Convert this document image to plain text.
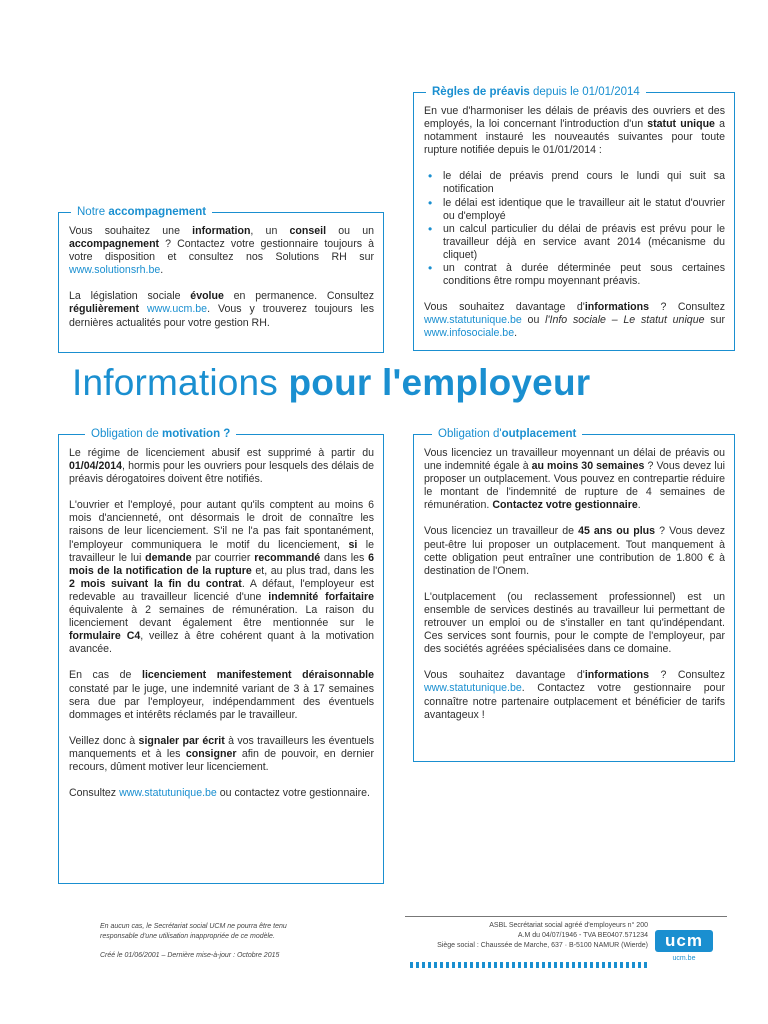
Règles de préavis depuis le 01/01/2014

En vue d'harmoniser les délais de préavis des ouvriers et des employés, la loi concernant l'introduction d'un statut unique a notamment instauré les nouveautés suivantes pour toute rupture notifiée depuis le 01/01/2014 :

• le délai de préavis prend cours le lundi qui suit sa notification
• le délai est identique que le travailleur ait le statut d'ouvrier ou d'employé
• un calcul particulier du délai de préavis est prévu pour le travailleur déjà en service avant 2014 (mécanisme du cliquet)
• un contrat à durée déterminée peut sous certaines conditions être rompu moyennant préavis.

Vous souhaitez davantage d'informations ? Consultez www.statutunique.be ou l'Info sociale – Le statut unique sur www.infosociale.be.

Notre accompagnement

Vous souhaitez une information, un conseil ou un accompagnement ? Contactez votre gestionnaire toujours à votre disposition et consultez nos Solutions RH sur www.solutionsrh.be.

La législation sociale évolue en permanence. Consultez régulièrement www.ucm.be. Vous y trouverez toujours les dernières actualités pour votre gestion RH.

Informations pour l'employeur
Obligation de motivation ?

Le régime de licenciement abusif est supprimé à partir du 01/04/2014, hormis pour les ouvriers pour lesquels des délais de préavis dérogatoires doivent être notifiés.

L'ouvrier et l'employé, pour autant qu'ils comptent au moins 6 mois d'ancienneté, ont désormais le droit de connaître les raisons de leur licenciement. S'il ne l'a pas fait spontanément, l'employeur communiquera le motif du licenciement, si le travailleur le lui demande par courrier recommandé dans les 6 mois de la notification de la rupture et, au plus trad, dans les 2 mois suivant la fin du contrat. A défaut, l'employeur est redevable au travailleur licencié d'une indemnité forfaitaire équivalente à 2 semaines de rémunération. La raison du licenciement devant également être mentionnée sur le formulaire C4, veillez à être cohérent quant à la motivation avancée.

En cas de licenciement manifestement déraisonnable constaté par le juge, une indemnité variant de 3 à 17 semaines sera due par l'employeur, indépendamment des éventuels dommages et intérêts réclamés par le travailleur.

Veillez donc à signaler par écrit à vos travailleurs les éventuels manquements et à les consigner afin de pouvoir, en dernier recours, dûment motiver leur licenciement.

Consultez www.statutunique.be ou contactez votre gestionnaire.

Obligation d'outplacement

Vous licenciez un travailleur moyennant un délai de préavis ou une indemnité égale à au moins 30 semaines ? Vous devez lui proposer un outplacement. Vous pouvez en contrepartie réduire le montant de l'indemnité de rupture de 4 semaines de rémunération. Contactez votre gestionnaire.

Vous licenciez un travailleur de 45 ans ou plus ? Vous devez peut-être lui proposer un outplacement. Tout manquement à cette obligation peut entraîner une contribution de 1.800 € à destination de l'Onem.

L'outplacement (ou reclassement professionnel) est un ensemble de services destinés au travailleur lui permettant de retrouver un emploi ou de s'installer en tant qu'indépendant. Ces services sont fournis, pour le compte de l'employeur, par des sociétés agréées spécialisées dans ce domaine.

Vous souhaitez davantage d'informations ? Consultez www.statutunique.be. Contactez votre gestionnaire pour connaître notre partenaire outplacement et bénéficier de tarifs avantageux !

En aucun cas, le Secrétariat social UCM ne pourra être tenu responsable d'une utilisation inappropriée de ce modèle.

Créé le 01/06/2001 – Dernière mise-à-jour : Octobre 2015

ASBL Secrétariat social agréé d'employeurs n° 200
A.M du 04/07/1946 - TVA BE0407.571234
Siège social : Chaussée de Marche, 637 · B-5100 NAMUR (Wierde)	ucm
ucm.be
